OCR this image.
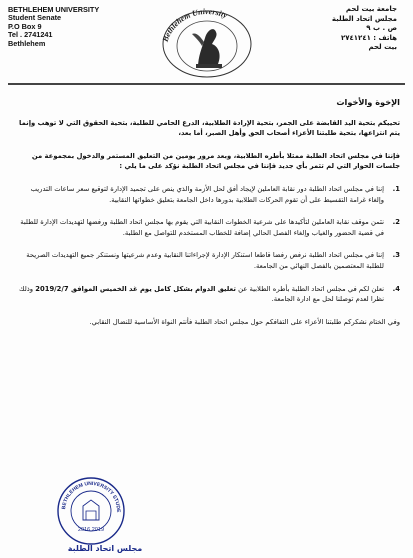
BETHLEHEM UNIVERSITY
Student Senate
P.O Box 9
Tel . 2741241
Bethlehem	Bethlehem University
جامعة بيت لحم
مجلس اتحاد الطلبة
ص . ب ٩
هاتف : ٢٧٤١٢٤١
بيت لحم
الإخوة والأخوات
تحييكم بتحية اليد القابضة على الجمر، بتحية الإرادة الطلابية، الدرع الحامي للطلبة، بتحية الحقوق التي لا توهب وإنما يتم انتزاعها، بتحية طلبتنا الأعزاء أصحاب الحق وأهل الصبر، أما بعد،
فإننا في مجلس اتحاد الطلبة ممثلا بأطره الطلابية، وبعد مرور يومين من التعليق المستمر والدخول بمجموعة من جلسات الحوار التي لم تثمر بأي جديد فإننا في مجلس اتحاد الطلبة نؤكد على ما يلي :
1.
إننا في مجلس اتحاد الطلبة دور نقابة العاملين لإيجاد أفق لحل الأزمة والذي ينص على تجميد الإدارة لتوقيع سعر ساعات التدريب وإلغاء غرامة التقسيط على أن تقوم الحركات الطلابية بدورها داخل الجامعة بتعليق خطواتها النقابية.
2.
نثمن موقف نقابة العاملين لتأكيدها على شرعية الخطوات النقابية التي يقوم بها مجلس اتحاد الطلبة ورفضها لتهديدات الإدارة للطلبة في قضية الحضور والغياب وإلغاء الفصل الحالي إضافة للخطاب المستخدم للتواصل مع الطلبة.
3.
إننا في مجلس اتحاد الطلبة نرفض رفضا قاطعا استنكار الإدارة لإجراءاتنا النقابية وعدم شرعيتها ونستنكر جميع التهديدات الصريحة للطلبة المعتصمين بالفصل النهائي من الجامعة.
4.
نعلن لكم في مجلس اتحاد الطلبة بأطره الطلابية عن تعليق الدوام بشكل كامل يوم غد الخميس الموافق 2019/2/7 وذلك نظرا لعدم توصلنا لحل مع ادارة الجامعة.
وفي الختام نشكركم طلبتنا الأعزاء على التفافكم حول مجلس اتحاد الطلبة فأنتم النواة الأساسية للنضال النقابي.
BETHLEHEM UNIVERSITY STUDE
2016 2019
مجلس اتحاد الطلبة
